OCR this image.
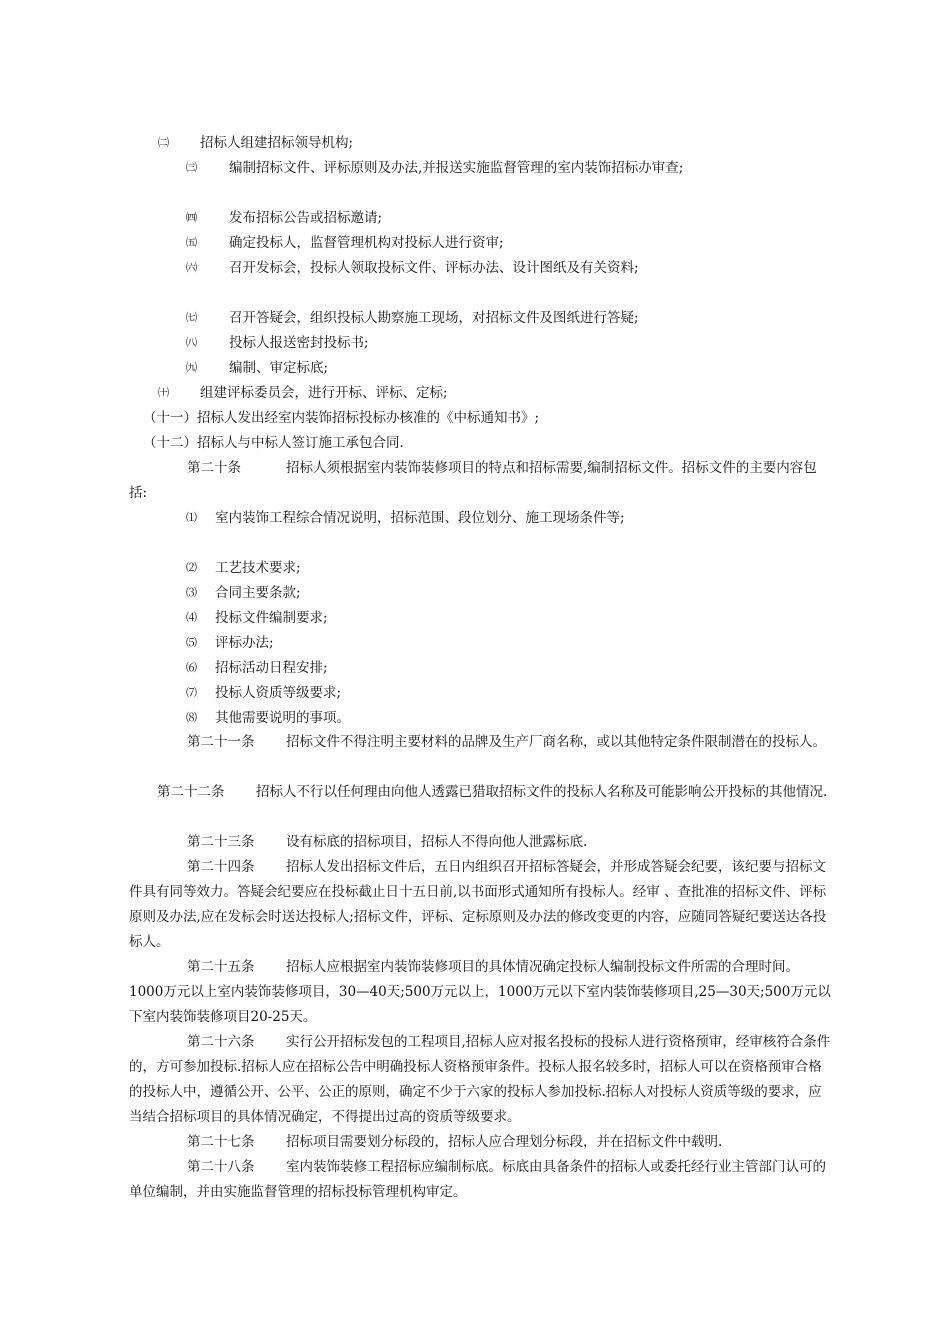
㈡ 招标人组建招标领导机构;
㈢ 编制招标文件、评标原则及办法,并报送实施监督管理的室内装饰招标办审查;
㈣ 发布招标公告或招标邀请;
㈤ 确定投标人，监督管理机构对投标人进行资审;
㈥ 召开发标会，投标人领取投标文件、评标办法、设计图纸及有关资料;
㈦ 召开答疑会，组织投标人勘察施工现场，对招标文件及图纸进行答疑;
㈧ 投标人报送密封投标书;
㈨ 编制、审定标底;
㈩ 组建评标委员会，进行开标、评标、定标;
（十一）招标人发出经室内装饰招标投标办核准的《中标通知书》;
（十二）招标人与中标人签订施工承包合同.
第二十条	招标人须根据室内装饰装修项目的特点和招标需要,编制招标文件。招标文件的主要内容包括:
⑴ 室内装饰工程综合情况说明，招标范围、段位划分、施工现场条件等;
⑵ 工艺技术要求;
⑶ 合同主要条款;
⑷ 投标文件编制要求;
⑸ 评标办法;
⑹ 招标活动日程安排;
⑺ 投标人资质等级要求;
⑻ 其他需要说明的事项。
第二十一条 招标文件不得注明主要材料的品牌及生产厂商名称，或以其他特定条件限制潜在的投标人。
第二十二条 招标人不行以任何理由向他人透露已猎取招标文件的投标人名称及可能影响公开投标的其他情况.
第二十三条 设有标底的招标项目，招标人不得向他人泄露标底.
第二十四条 招标人发出招标文件后，五日内组织召开招标答疑会，并形成答疑会纪要，该纪要与招标文件具有同等效力。答疑会纪要应在投标截止日十五日前,以书面形式通知所有投标人。经审 、查批准的招标文件、评标原则及办法,应在发标会时送达投标人;招标文件，评标、定标原则及办法的修改变更的内容，应随同答疑纪要送达各投标人。
第二十五条 招标人应根据室内装饰装修项目的具体情况确定投标人编制投标文件所需的合理时间。1000万元以上室内装饰装修项目，30—40天;500万元以上，1000万元以下室内装饰装修项目,25—30天;500万元以下室内装饰装修项目20-25天。
第二十六条 实行公开招标发包的工程项目,招标人应对报名投标的投标人进行资格预审，经审核符合条件的，方可参加投标.招标人应在招标公告中明确投标人资格预审条件。投标人报名较多时，招标人可以在资格预审合格的投标人中，遵循公开、公平、公正的原则，确定不少于六家的投标人参加投标.招标人对投标人资质等级的要求，应当结合招标项目的具体情况确定，不得提出过高的资质等级要求。
第二十七条 招标项目需要划分标段的，招标人应合理划分标段，并在招标文件中载明.
第二十八条 室内装饰装修工程招标应编制标底。标底由具备条件的招标人或委托经行业主管部门认可的单位编制，并由实施监督管理的招标投标管理机构审定。
